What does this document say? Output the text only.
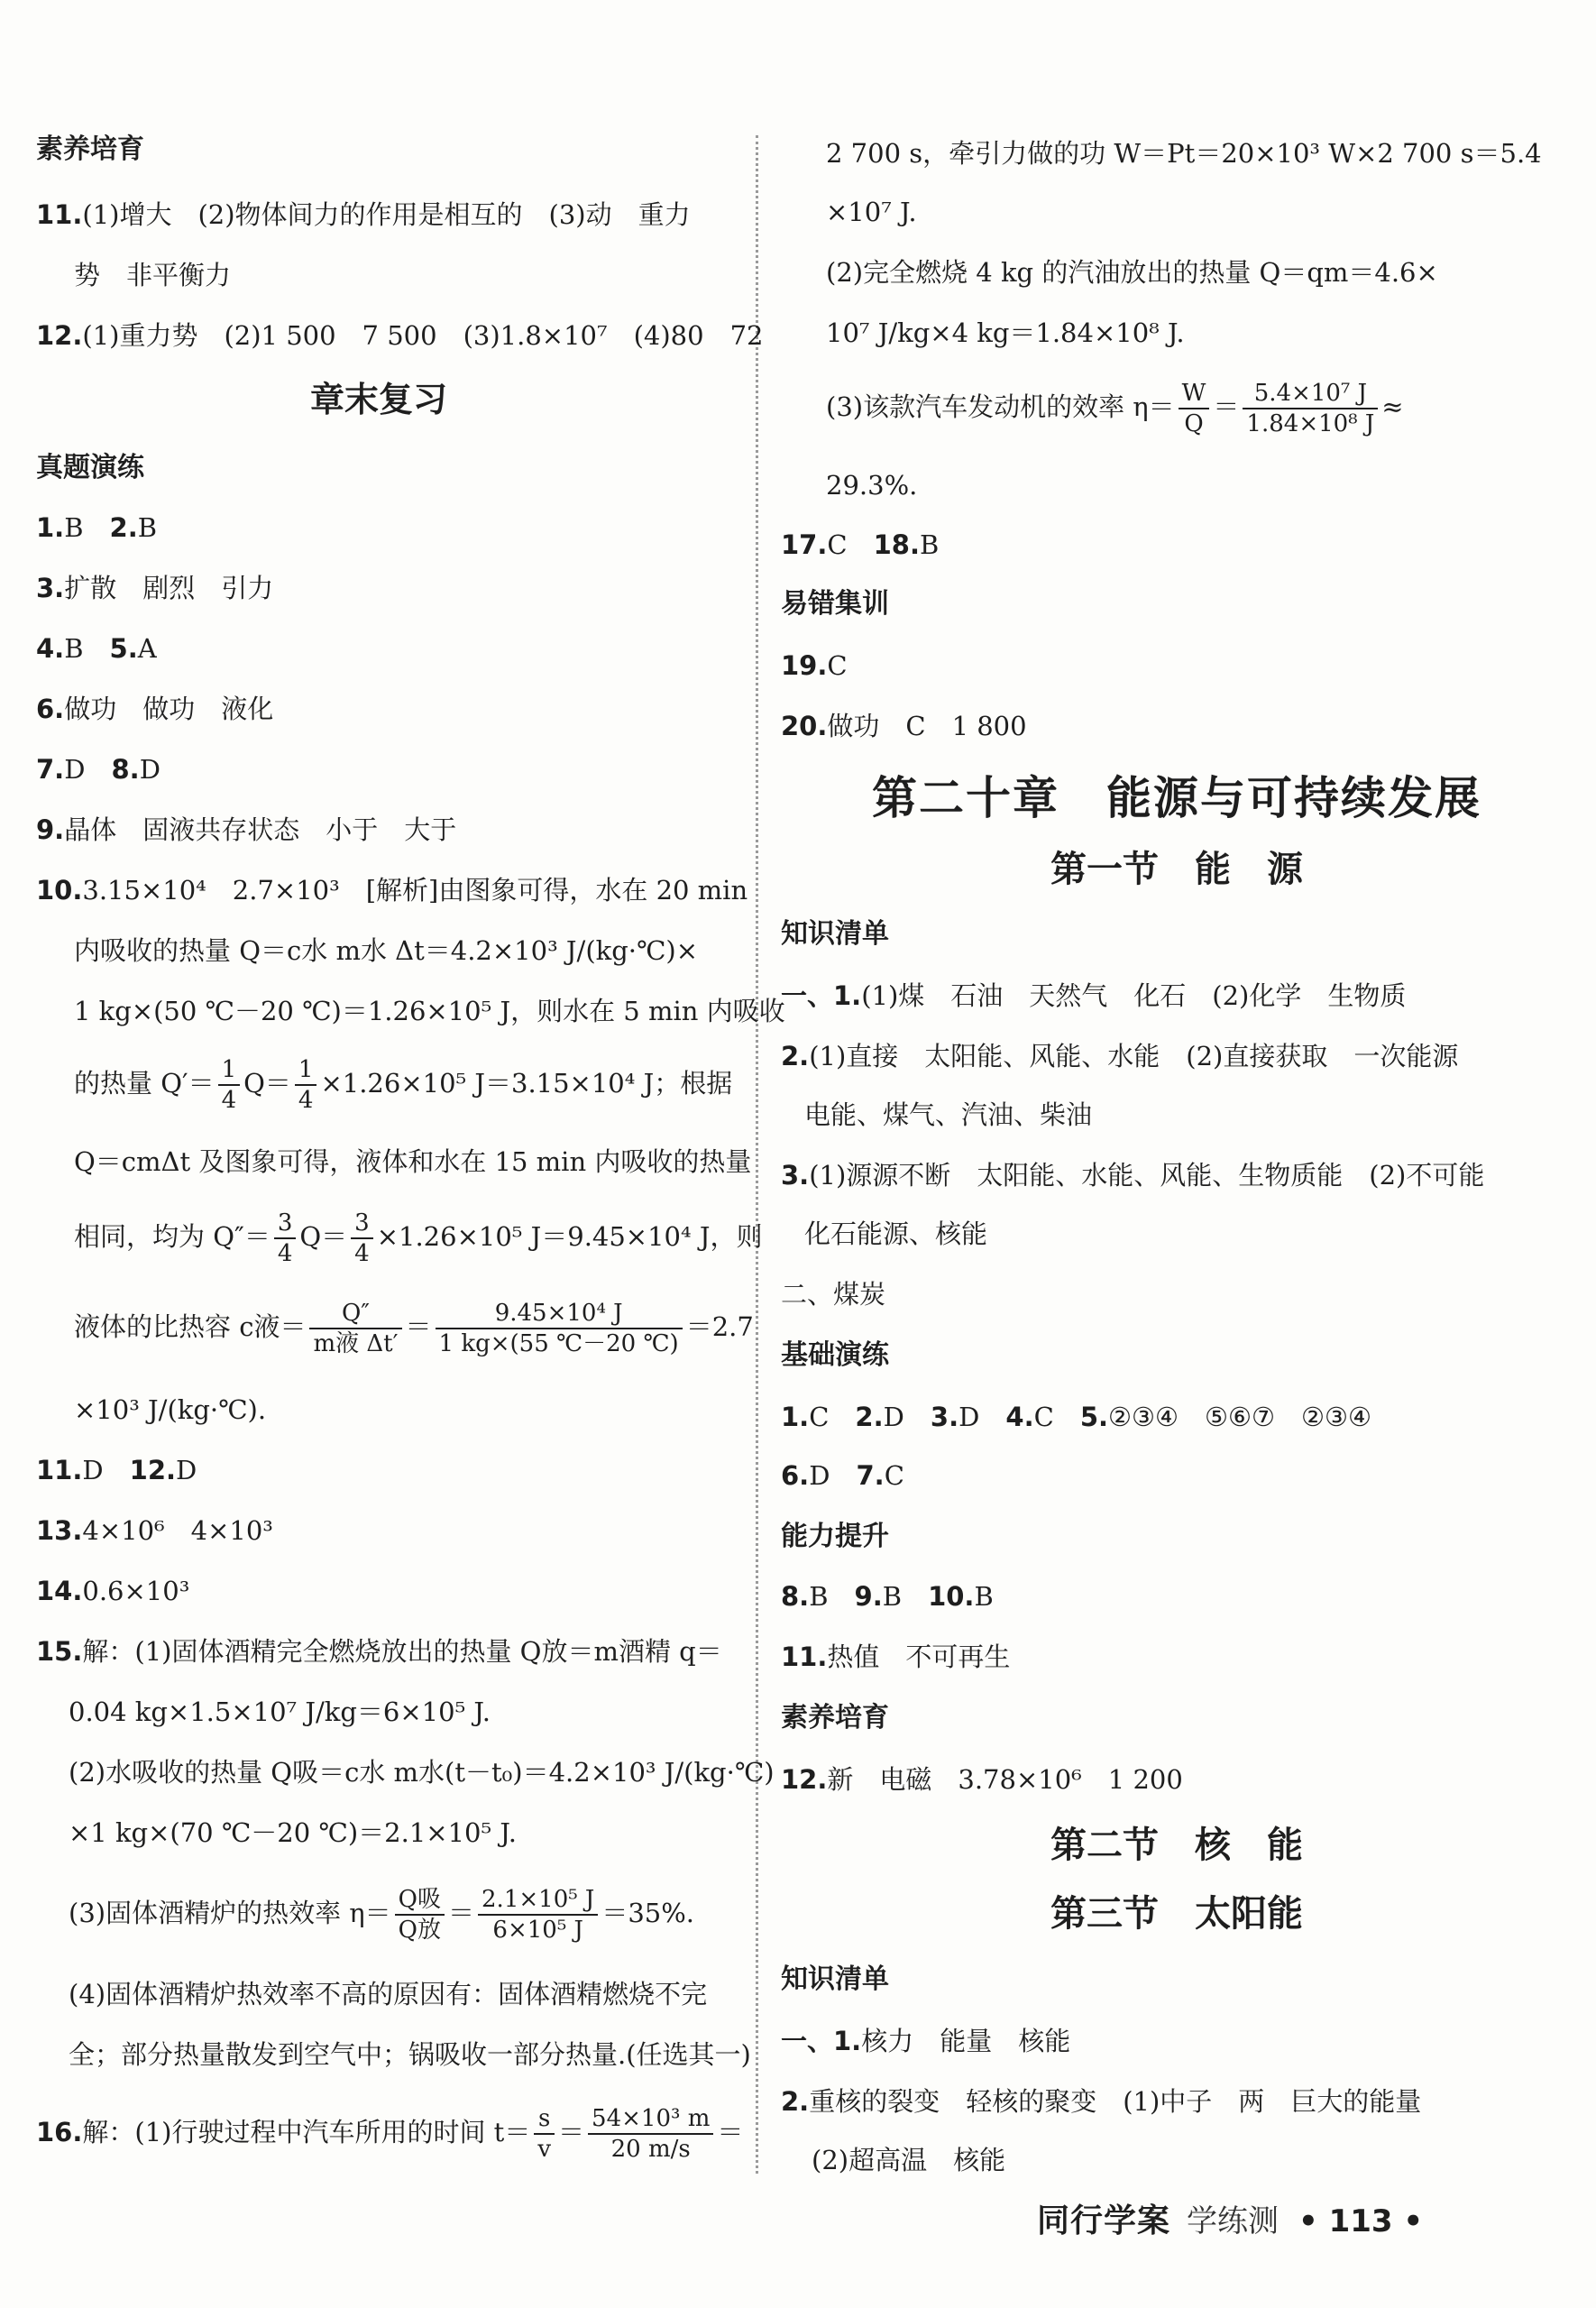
素养培育
11.(1)增大　(2)物体间力的作用是相互的　(3)动　重力
势　非平衡力
12.(1)重力势　(2)1 500　7 500　(3)1.8×10⁷　(4)80　72
章末复习
真题演练
1.B　 2.B
3.扩散　剧烈　引力
4.B　 5.A
6.做功　做功　液化
7.D　 8.D
9.晶体　固液共存状态　小于　大于
10.3.15×10⁴　2.7×10³　[解析]由图象可得，水在 20 min
内吸收的热量 Q＝c水 m水 Δt＝4.2×10³ J/(kg·℃)×
1 kg×(50 ℃－20 ℃)＝1.26×10⁵ J，则水在 5 min 内吸收
的热量 $Q'= \frac{1}{4} Q= \frac{1}{4} \times 1.26\times 10^5$ J＝3.15×10⁴ J；根据
Q＝cmΔt 及图象可得，液体和水在 15 min 内吸收的热量
相同，均为 $Q''= \frac{3}{4} Q= \frac{3}{4} \times 1.26\times 10^5$ J＝9.45×10⁴ J，则
液体的比热容 c液＝ $\frac{Q''}{\text{m液 Δt′}} = \frac{\text{9.45×10⁴ J}}{1 kg\times(55 ℃-20 ℃)} =2.7$
×10³ J/(kg·℃).
11.D　 12.D
13.4×10⁶　4×10³
14.0.6×10³
15.解：(1)固体酒精完全燃烧放出的热量 Q放＝m酒精 q＝
0.04 kg×1.5×10⁷ J/kg＝6×10⁵ J.
(2)水吸收的热量 Q吸＝c水 m水(t－t₀)＝4.2×10³ J/(kg·℃)
×1 kg×(70 ℃－20 ℃)＝2.1×10⁵ J.
(3)固体酒精炉的热效率 $\eta= \frac{\text{Q吸}}{\text{Q放}} = \frac{\text{2.1×10⁵ J}}{\text{6×10⁵ J}} =35\%$.
(4)固体酒精炉热效率不高的原因有：固体酒精燃烧不完
全；部分热量散发到空气中；锅吸收一部分热量.(任选其一)
16.解：(1)行驶过程中汽车所用的时间 $t= \frac{s}{v} = \frac{\text{54×10³ m}}{20 m/s}$ ＝
2 700 s，牵引力做的功 W＝Pt＝20×10³ W×2 700 s＝5.4
×10⁷ J.
(2)完全燃烧 4 kg 的汽油放出的热量 Q＝qm＝4.6×
10⁷ J/kg×4 kg＝1.84×10⁸ J.
(3)该款汽车发动机的效率 $\eta= \frac{W}{Q} = \frac{\text{5.4×10⁷ J}}{\text{1.84×10⁸ J}}$ ≈
29.3%.
17.C　 18.B
易错集训
19.C
20.做功　C　1 800
第二十章　能源与可持续发展
第一节　能　源
知识清单
一、1.(1)煤　石油　天然气　化石　(2)化学　生物质
2.(1)直接　太阳能、风能、水能　(2)直接获取　一次能源
电能、煤气、汽油、柴油
3.(1)源源不断　太阳能、水能、风能、生物质能　(2)不可能
化石能源、核能
二、煤炭
基础演练
1.C　 2.D　 3.D　 4.C　 5.②③④　⑤⑥⑦　②③④
6.D　 7.C
能力提升
8.B　 9.B　 10.B
11.热值　不可再生
素养培育
12.新　电磁　3.78×10⁶　1 200
第二节　核　能
第三节　太阳能
知识清单
一、1.核力　能量　核能
2.重核的裂变　轻核的聚变　(1)中子　两　巨大的能量
(2)超高温　核能
同行学案 学练测 • 113 •
